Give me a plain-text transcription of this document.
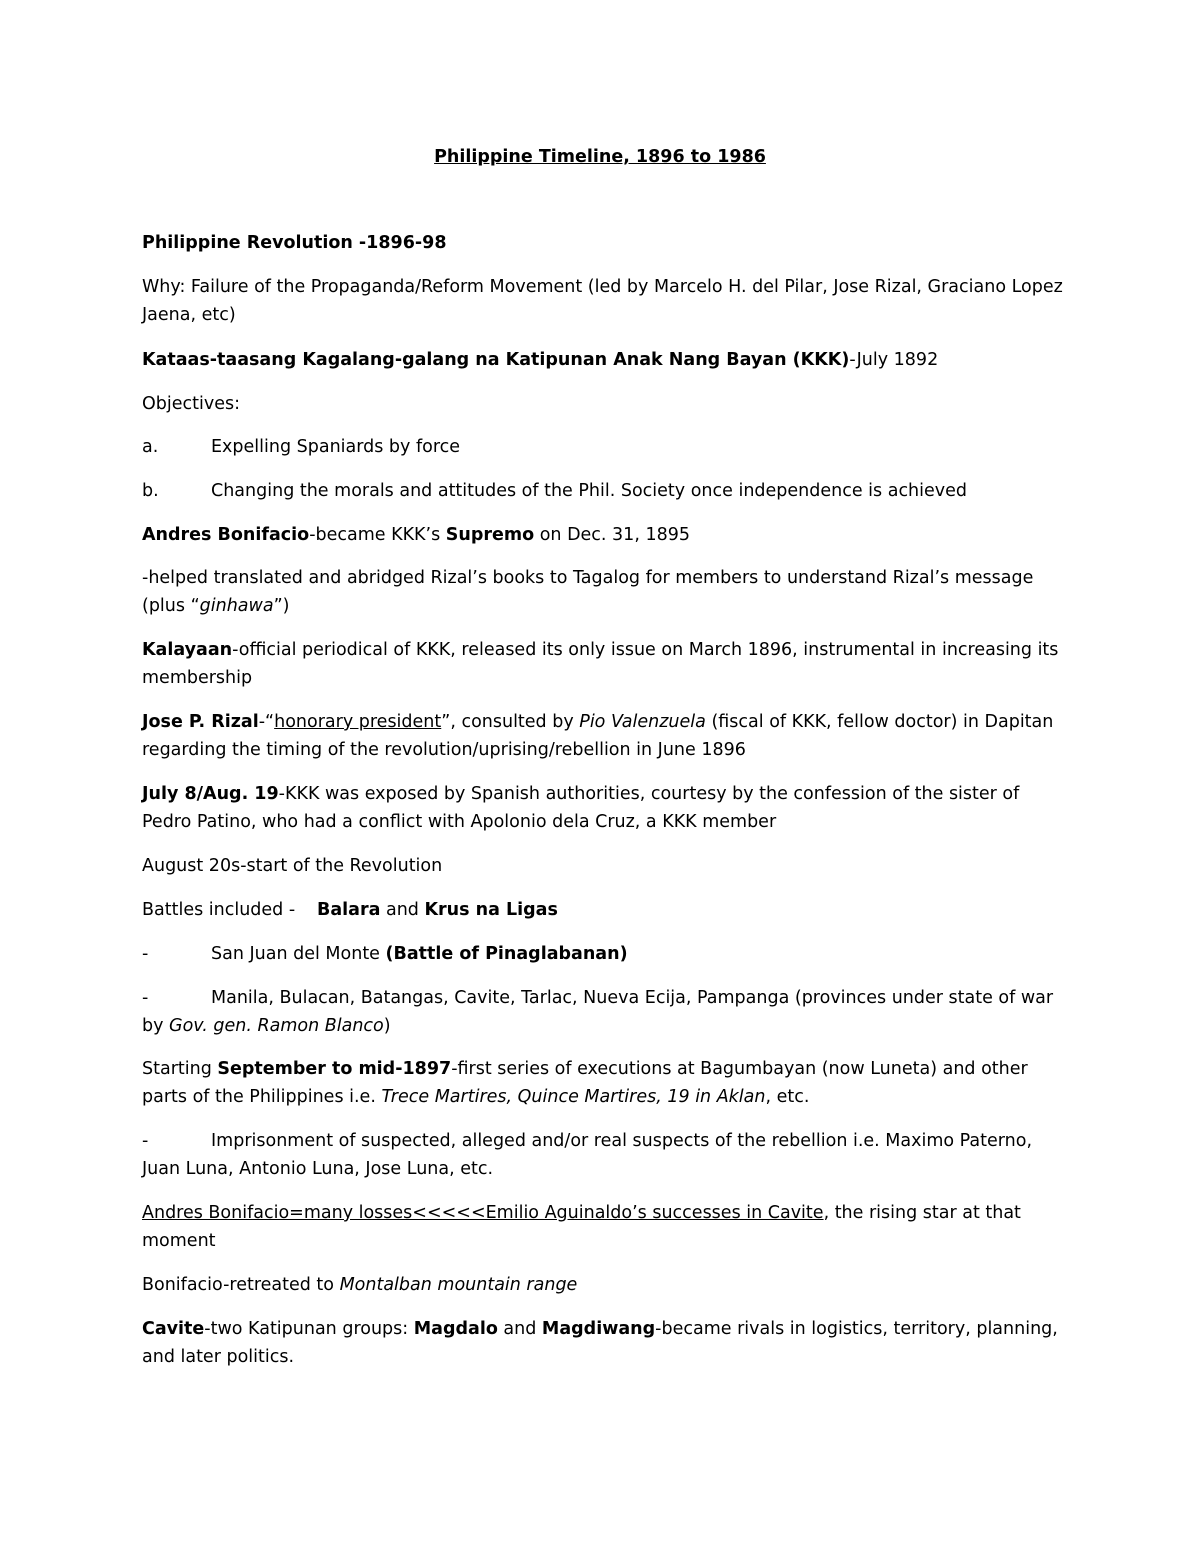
Philippine Timeline, 1896 to 1986
Philippine Revolution -1896-98
Why: Failure of the Propaganda/Reform Movement (led by Marcelo H. del Pilar, Jose Rizal, Graciano Lopez Jaena, etc)
Kataas-taasang Kagalang-galang na Katipunan Anak Nang Bayan (KKK)-July 1892
Objectives:
a.	Expelling Spaniards by force
b.	Changing the morals and attitudes of the Phil. Society once independence is achieved
Andres Bonifacio-became KKK’s Supremo on Dec. 31, 1895
-helped translated and abridged Rizal’s books to Tagalog for members to understand Rizal’s message (plus “ginhawa”)
Kalayaan-official periodical of KKK, released its only issue on March 1896, instrumental in increasing its membership
Jose P. Rizal-“honorary president”, consulted by Pio Valenzuela (fiscal of KKK, fellow doctor) in Dapitan regarding the timing of the revolution/uprising/rebellion in June 1896
July 8/Aug. 19-KKK was exposed by Spanish authorities, courtesy by the confession of the sister of Pedro Patino, who had a conflict with Apolonio dela Cruz, a KKK member
August 20s-start of the Revolution
Battles included - Balara and Krus na Ligas
-	San Juan del Monte (Battle of Pinaglabanan)
-	Manila, Bulacan, Batangas, Cavite, Tarlac, Nueva Ecija, Pampanga (provinces under state of war by Gov. gen. Ramon Blanco)
Starting September to mid-1897-first series of executions at Bagumbayan (now Luneta) and other parts of the Philippines i.e. Trece Martires, Quince Martires, 19 in Aklan, etc.
-	Imprisonment of suspected, alleged and/or real suspects of the rebellion i.e. Maximo Paterno, Juan Luna, Antonio Luna, Jose Luna, etc.
Andres Bonifacio=many losses<<<<<Emilio Aguinaldo’s successes in Cavite, the rising star at that moment
Bonifacio-retreated to Montalban mountain range
Cavite-two Katipunan groups: Magdalo and Magdiwang-became rivals in logistics, territory, planning, and later politics.
